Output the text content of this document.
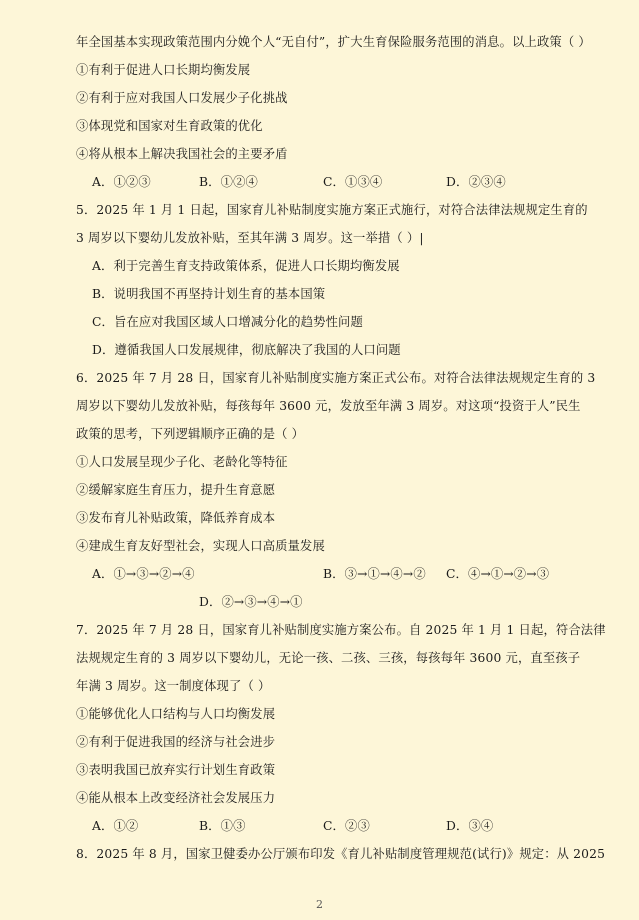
年全国基本实现政策范围内分娩个人“无自付”，扩大生育保险服务范围的消息。以上政策（ ）
①有利于促进人口长期均衡发展
②有利于应对我国人口发展少子化挑战
③体现党和国家对生育政策的优化
④将从根本上解决我国社会的主要矛盾
A．①②③	B．①②④	C．①③④	D．②③④
5．2025 年 1 月 1 日起，国家育儿补贴制度实施方案正式施行，对符合法律法规规定生育的
3 周岁以下婴幼儿发放补贴，至其年满 3 周岁。这一举措（ ）|
A．利于完善生育支持政策体系，促进人口长期均衡发展
B．说明我国不再坚持计划生育的基本国策
C．旨在应对我国区域人口增减分化的趋势性问题
D．遵循我国人口发展规律，彻底解决了我国的人口问题
6．2025 年 7 月 28 日，国家育儿补贴制度实施方案正式公布。对符合法律法规规定生育的 3
周岁以下婴幼儿发放补贴，每孩每年 3600 元，发放至年满 3 周岁。对这项“投资于人”民生
政策的思考，下列逻辑顺序正确的是（ ）
①人口发展呈现少子化、老龄化等特征
②缓解家庭生育压力，提升生育意愿
③发布育儿补贴政策，降低养育成本
④建成生育友好型社会，实现人口高质量发展
A．①→③→②→④	B．③→①→④→② C．④→①→②→③
D．②→③→④→①
7．2025 年 7 月 28 日，国家育儿补贴制度实施方案公布。自 2025 年 1 月 1 日起，符合法律
法规规定生育的 3 周岁以下婴幼儿，无论一孩、二孩、三孩，每孩每年 3600 元，直至孩子
年满 3 周岁。这一制度体现了（ ）
①能够优化人口结构与人口均衡发展
②有利于促进我国的经济与社会进步
③表明我国已放弃实行计划生育政策
④能从根本上改变经济社会发展压力
A．①②	B．①③	C．②③	D．③④
8．2025 年 8 月，国家卫健委办公厅颁布印发《育儿补贴制度管理规范(试行)》规定：从 2025
2
